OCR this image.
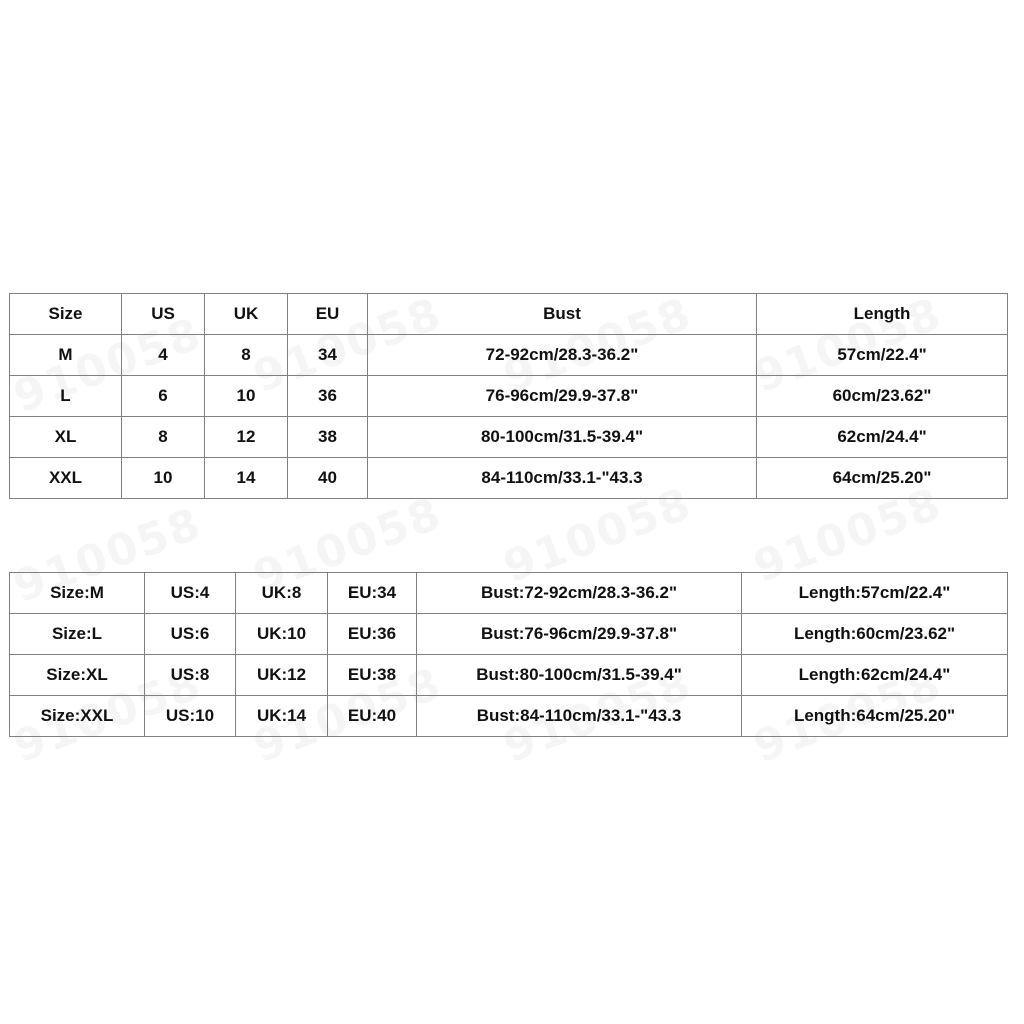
Size	US	UK	EU	Bust	Length
M	4	8	34	72-92cm/28.3-36.2"	57cm/22.4"
L	6	10	36	76-96cm/29.9-37.8"	60cm/23.62"
XL	8	12	38	80-100cm/31.5-39.4"	62cm/24.4"
XXL	10	14	40	84-110cm/33.1-"43.3	64cm/25.20"
Size:M	US:4	UK:8	EU:34	Bust:72-92cm/28.3-36.2"	Length:57cm/22.4"
Size:L	US:6	UK:10	EU:36	Bust:76-96cm/29.9-37.8"	Length:60cm/23.62"
Size:XL	US:8	UK:12	EU:38	Bust:80-100cm/31.5-39.4"	Length:62cm/24.4"
Size:XXL	US:10	UK:14	EU:40	Bust:84-110cm/33.1-"43.3	Length:64cm/25.20"
